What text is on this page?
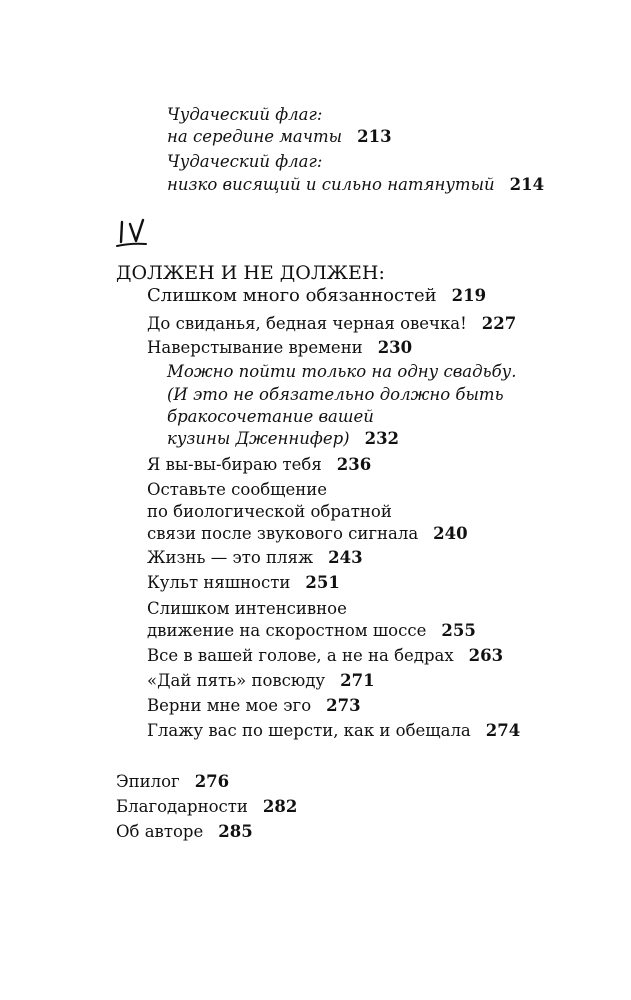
Чудаческий флаг:

на середине мачты 213

Чудаческий флаг:

низко висящий и сильно натянутый 214

ДОЛЖЕН И НЕ ДОЛЖЕН:

Слишком много обязанностей 219

До свиданья, бедная черная овечка! 227

Наверстывание времени 230

Можно пойти только на одну свадьбу.

(И это не обязательно должно быть

бракосочетание вашей

кузины Дженнифер) 232

Я вы-вы-бираю тебя 236

Оставьте сообщение

по биологической обратной

связи после звукового сигнала 240

Жизнь — это пляж 243

Культ няшности 251

Слишком интенсивное

движение на скоростном шоссе 255

Все в вашей голове, а не на бедрах 263

«Дай пять» повсюду 271

Верни мне мое эго 273

Глажу вас по шерсти, как и обещала 274

Эпилог 276

Благодарности 282

Об авторе 285
